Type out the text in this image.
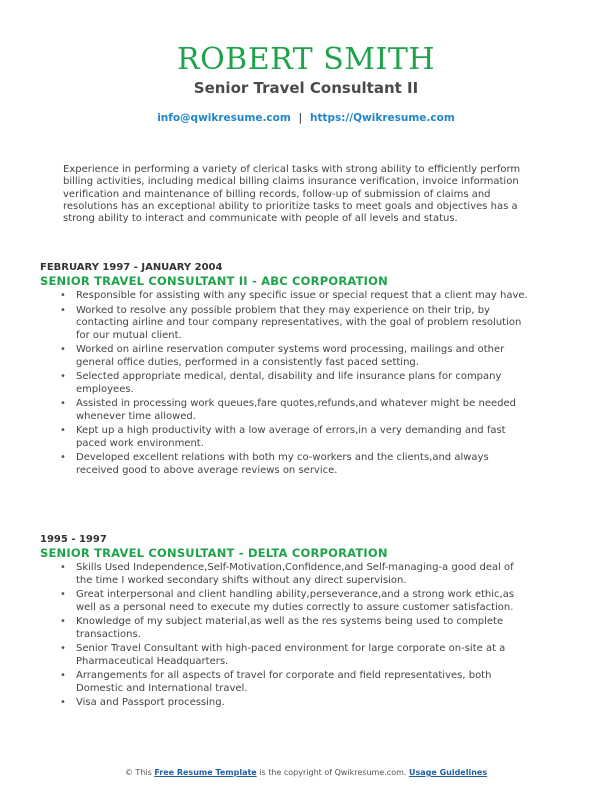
ROBERT SMITH
Senior Travel Consultant II
info@qwikresume.com | https://Qwikresume.com
Experience in performing a variety of clerical tasks with strong ability to efficiently perform billing activities, including medical billing claims insurance verification, invoice information verification and maintenance of billing records, follow-up of submission of claims and resolutions has an exceptional ability to prioritize tasks to meet goals and objectives has a strong ability to interact and communicate with people of all levels and status.
FEBRUARY 1997 - JANUARY 2004
SENIOR TRAVEL CONSULTANT II - ABC CORPORATION
• Responsible for assisting with any specific issue or special request that a client may have.
• Worked to resolve any possible problem that they may experience on their trip, by contacting airline and tour company representatives, with the goal of problem resolution for our mutual client.
• Worked on airline reservation computer systems word processing, mailings and other general office duties, performed in a consistently fast paced setting.
• Selected appropriate medical, dental, disability and life insurance plans for company employees.
• Assisted in processing work queues,fare quotes,refunds,and whatever might be needed whenever time allowed.
• Kept up a high productivity with a low average of errors,in a very demanding and fast paced work environment.
• Developed excellent relations with both my co-workers and the clients,and always received good to above average reviews on service.
1995 - 1997
SENIOR TRAVEL CONSULTANT - DELTA CORPORATION
• Skills Used Independence,Self-Motivation,Confidence,and Self-managing-a good deal of the time I worked secondary shifts without any direct supervision.
• Great interpersonal and client handling ability,perseverance,and a strong work ethic,as well as a personal need to execute my duties correctly to assure customer satisfaction.
• Knowledge of my subject material,as well as the res systems being used to complete transactions.
• Senior Travel Consultant with high-paced environment for large corporate on-site at a Pharmaceutical Headquarters.
• Arrangements for all aspects of travel for corporate and field representatives, both Domestic and International travel.
• Visa and Passport processing.
© This Free Resume Template is the copyright of Qwikresume.com. Usage Guidelines
